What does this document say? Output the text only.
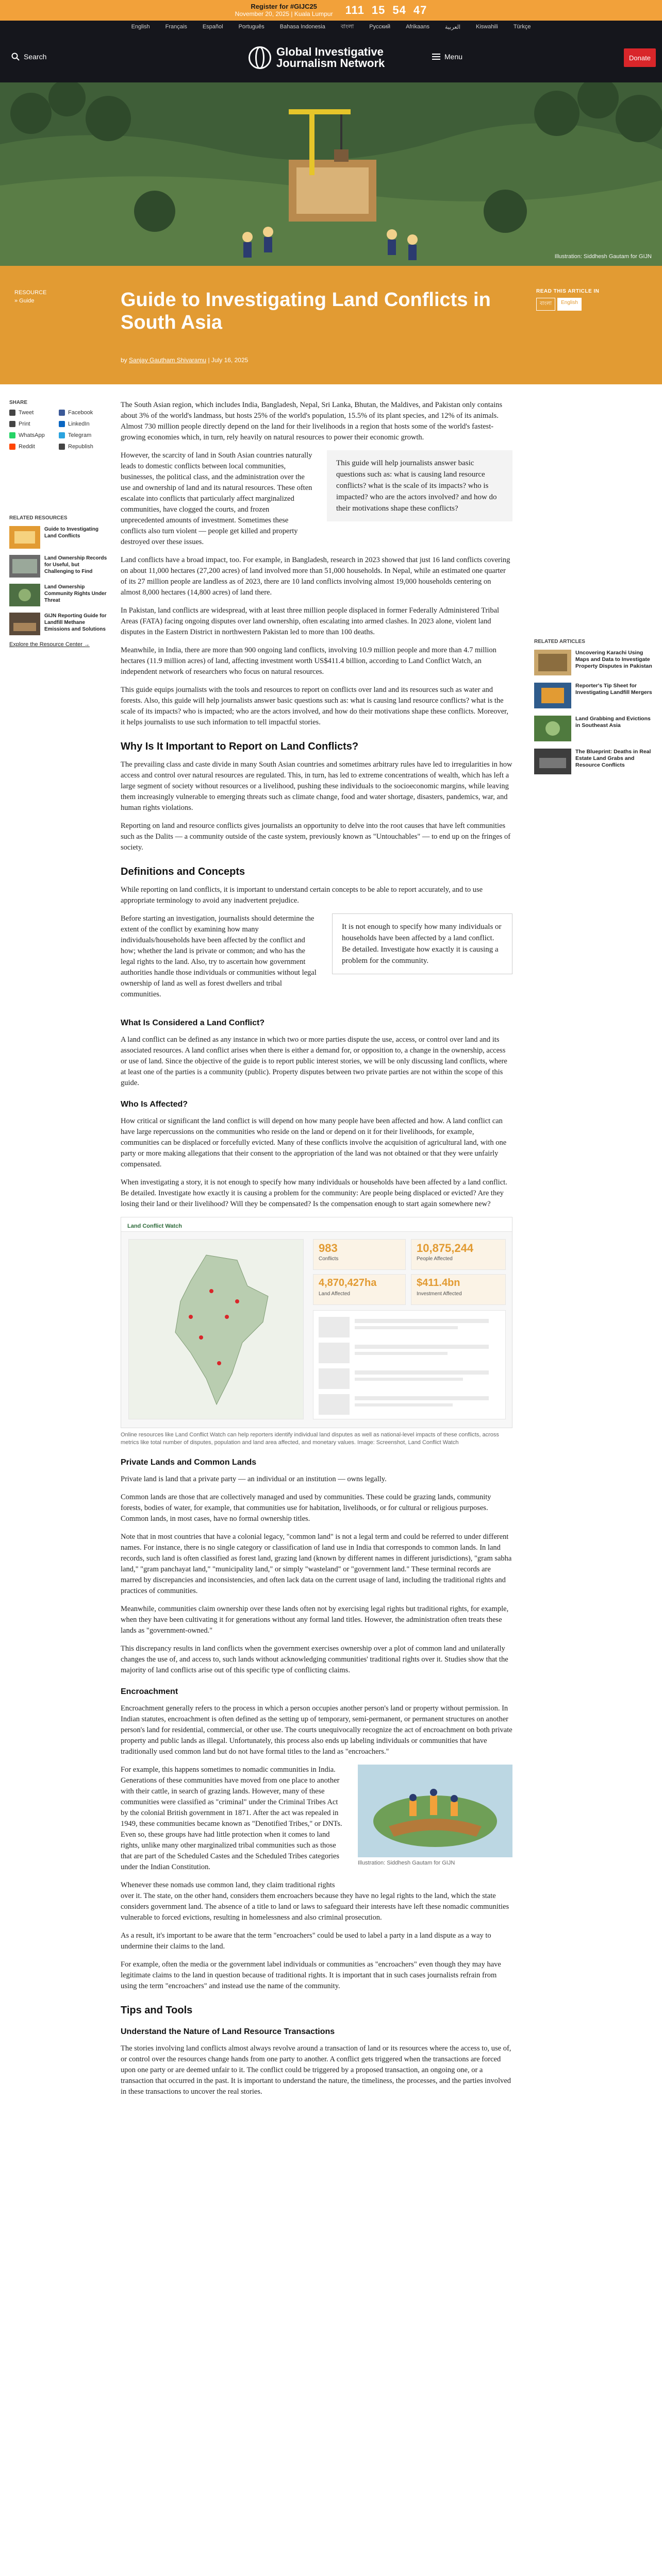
Register for #GIJC25
November 20, 2025 | Kuala Lumpur 111 15 54 47
English	Français	Español	Português	Bahasa Indonesia	বাংলা	Русский	Afrikaans	العربية	Kiswahili	Türkçe
Search	Global Investigative
Journalism Network	Menu	Donate
Illustration: Siddhesh Gautam for GIJN
RESOURCE
» Guide	Guide to Investigating Land Conflicts in South Asia
by Sanjay Gautham Shivaramu | July 16, 2025
READ THIS ARTICLE IN
বাংলা	English
SHARE
Tweet	Facebook
Print	LinkedIn
WhatsApp	Telegram
Reddit	Republish
RELATED RESOURCES
Guide to Investigating Land Conflicts
Land Ownership Records for Useful, but Challenging to Find
Land Ownership Community Rights Under Threat
GIJN Reporting Guide for Landfill Methane Emissions and Solutions
Explore the Resource Center →	RELATED ARTICLES
Uncovering Karachi Using Maps and Data to Investigate Property Disputes in Pakistan
Reporter's Tip Sheet for Investigating Landfill Mergers
Land Grabbing and Evictions in Southeast Asia
The Blueprint: Deaths in Real Estate Land Grabs and Resource Conflicts

The South Asian region, which includes India, Bangladesh, Nepal, Sri Lanka, Bhutan, the Maldives, and Pakistan only contains about 3% of the world's landmass, but hosts 25% of the world's population, 15.5% of its plant species, and 12% of its animals. Almost 730 million people directly depend on the land for their livelihoods in a region that hosts some of the world's fastest-growing economies which, in turn, rely heavily on natural resources to power their economic growth.

This guide will help journalists answer basic questions such as: what is causing land resource conflicts? what is the scale of its impacts? who is impacted? who are the actors involved? and how do their motivations shape these conflicts?

However, the scarcity of land in South Asian countries naturally leads to domestic conflicts between local communities, businesses, the political class, and the administration over the use and ownership of land and its natural resources. These often escalate into conflicts that particularly affect marginalized communities, have clogged the courts, and frozen unprecedented amounts of investment. Sometimes these conflicts also turn violent — people get killed and property destroyed over these issues.

Land conflicts have a broad impact, too. For example, in Bangladesh, research in 2023 showed that just 16 land conflicts covering on about 11,000 hectares (27,200 acres) of land involved more than 51,000 households. In Nepal, while an estimated one quarter of its 27 million people are landless as of 2023, there are 10 land conflicts involving almost 19,000 households centering on almost 8,000 hectares (14,800 acres) of land there.

In Pakistan, land conflicts are widespread, with at least three million people displaced in former Federally Administered Tribal Areas (FATA) facing ongoing disputes over land ownership, often escalating into armed clashes. In 2023 alone, violent land disputes in the Eastern District in northwestern Pakistan led to more than 100 deaths.

Meanwhile, in India, there are more than 900 ongoing land conflicts, involving 10.9 million people and more than 4.7 million hectares (11.9 million acres) of land, affecting investment worth US$411.4 billion, according to Land Conflict Watch, an independent network of researchers who focus on natural resources.

This guide equips journalists with the tools and resources to report on conflicts over land and its resources such as water and forests. Also, this guide will help journalists answer basic questions such as: what is causing land resource conflicts? what is the scale of its impacts? who is impacted; who are the actors involved, and how do their motivations shape these conflicts. Moreover, it helps journalists to use such information to tell impactful stories.

Why Is It Important to Report on Land Conflicts?

The prevailing class and caste divide in many South Asian countries and sometimes arbitrary rules have led to irregularities in how access and control over natural resources are regulated. This, in turn, has led to extreme concentrations of wealth, which has left a large segment of society without resources or a livelihood, pushing these individuals to the socioeconomic margins, while leaving them increasingly vulnerable to emerging threats such as climate change, food and water shortage, disasters, pandemics, war, and human rights violations.

Reporting on land and resource conflicts gives journalists an opportunity to delve into the root causes that have left communities such as the Dalits — a community outside of the caste system, previously known as "Untouchables" — to end up on the fringes of society.

Definitions and Concepts

While reporting on land conflicts, it is important to understand certain concepts to be able to report accurately, and to use appropriate terminology to avoid any inadvertent prejudice.

It is not enough to specify how many individuals or households have been affected by a land conflict. Be detailed. Investigate how exactly it is causing a problem for the community.

Before starting an investigation, journalists should determine the extent of the conflict by examining how many individuals/households have been affected by the conflict and how; whether the land is private or common; and who has the legal rights to the land. Also, try to ascertain how government authorities handle those individuals or communities without legal ownership of land as well as forest dwellers and tribal communities.

What Is Considered a Land Conflict?

A land conflict can be defined as any instance in which two or more parties dispute the use, access, or control over land and its associated resources. A land conflict arises when there is either a demand for, or opposition to, a change in the ownership, access or use of land. Since the objective of the guide is to report public interest stories, we will be only discussing land conflicts, where at least one of the parties is a community (public). Property disputes between two private parties are not within the scope of this guide.

Who Is Affected?

How critical or significant the land conflict is will depend on how many people have been affected and how. A land conflict can have large repercussions on the communities who reside on the land or depend on it for their livelihoods, for example, communities can be displaced or forcefully evicted. Many of these conflicts involve the acquisition of agricultural land, with one party or more making allegations that their consent to the appropriation of the land was not obtained or that they were unfairly compensated.

When investigating a story, it is not enough to specify how many individuals or households have been affected by a land conflict. Be detailed. Investigate how exactly it is causing a problem for the community: Are people being displaced or evicted? Are they losing their land or their livelihood? Will they be compensated? Is the compensation enough to start again somewhere new?

Land Conflict Watch
983
Conflicts
10,875,244
People Affected
4,870,427ha
Land Affected
$411.4bn
Investment Affected
Online resources like Land Conflict Watch can help reporters identify individual land disputes as well as national-level impacts of these conflicts, across metrics like total number of disputes, population and land area affected, and monetary values. Image: Screenshot, Land Conflict Watch
Private Lands and Common Lands

Private land is land that a private party — an individual or an institution — owns legally.

Common lands are those that are collectively managed and used by communities. These could be grazing lands, community forests, bodies of water, for example, that communities use for habitation, livelihoods, or for cultural or religious purposes. Common lands, in most cases, have no formal ownership titles.

Note that in most countries that have a colonial legacy, "common land" is not a legal term and could be referred to under different names. For instance, there is no single category or classification of land use in India that corresponds to common lands. In land records, such land is often classified as forest land, grazing land (known by different names in different jurisdictions), "gram sabha land," "gram panchayat land," "municipality land," or simply "wasteland" or "government land." These terminal records are marred by discrepancies and inconsistencies, and often lack data on the current usage of land, including the traditional rights and practices of communities.

Meanwhile, communities claim ownership over these lands often not by exercising legal rights but traditional rights, for example, when they have been cultivating it for generations without any formal land titles. However, the administration often treats these lands as "government-owned."

This discrepancy results in land conflicts when the government exercises ownership over a plot of common land and unilaterally changes the use of, and access to, such lands without acknowledging communities' traditional rights over it. Studies show that the majority of land conflicts arise out of this specific type of conflicting claims.

Encroachment

Encroachment generally refers to the process in which a person occupies another person's land or property without permission. In Indian statutes, encroachment is often defined as the setting up of temporary, semi-permanent, or permanent structures on another person's land for residential, commercial, or other use. The courts unequivocally recognize the act of encroachment on both private property and public lands as illegal. Unfortunately, this process also ends up labeling individuals or communities that have traditionally used common land but do not have formal titles to the land as "encroachers."

Illustration: Siddhesh Gautam for GIJN

For example, this happens sometimes to nomadic communities in India. Generations of these communities have moved from one place to another with their cattle, in search of grazing lands. However, many of these communities were classified as "criminal" under the Criminal Tribes Act by the colonial British government in 1871. After the act was repealed in 1949, these communities became known as "Denotified Tribes," or DNTs. Even so, these groups have had little protection when it comes to land rights, unlike many other marginalized tribal communities such as those that are part of the Scheduled Castes and the Scheduled Tribes categories under the Indian Constitution.

Whenever these nomads use common land, they claim traditional rights over it. The state, on the other hand, considers them encroachers because they have no legal rights to the land, which the state considers government land. The absence of a title to land or laws to safeguard their interests have left these nomadic communities vulnerable to forced evictions, resulting in homelessness and also criminal prosecution.

As a result, it's important to be aware that the term "encroachers" could be used to label a party in a land dispute as a way to undermine their claims to the land.

For example, often the media or the government label individuals or communities as "encroachers" even though they may have legitimate claims to the land in question because of traditional rights. It is important that in such cases journalists refrain from using the term "encroachers" and instead use the name of the community.

Tips and Tools
Understand the Nature of Land Resource Transactions

The stories involving land conflicts almost always revolve around a transaction of land or its resources where the access to, use of, or control over the resources change hands from one party to another. A conflict gets triggered when the transactions are forced upon one party or are deemed unfair to it. The conflict could be triggered by a proposed transaction, an ongoing one, or a transaction that occurred in the past. It is important to understand the nature, the timeliness, the processes, and the parties involved in these transactions to uncover the real stories.
